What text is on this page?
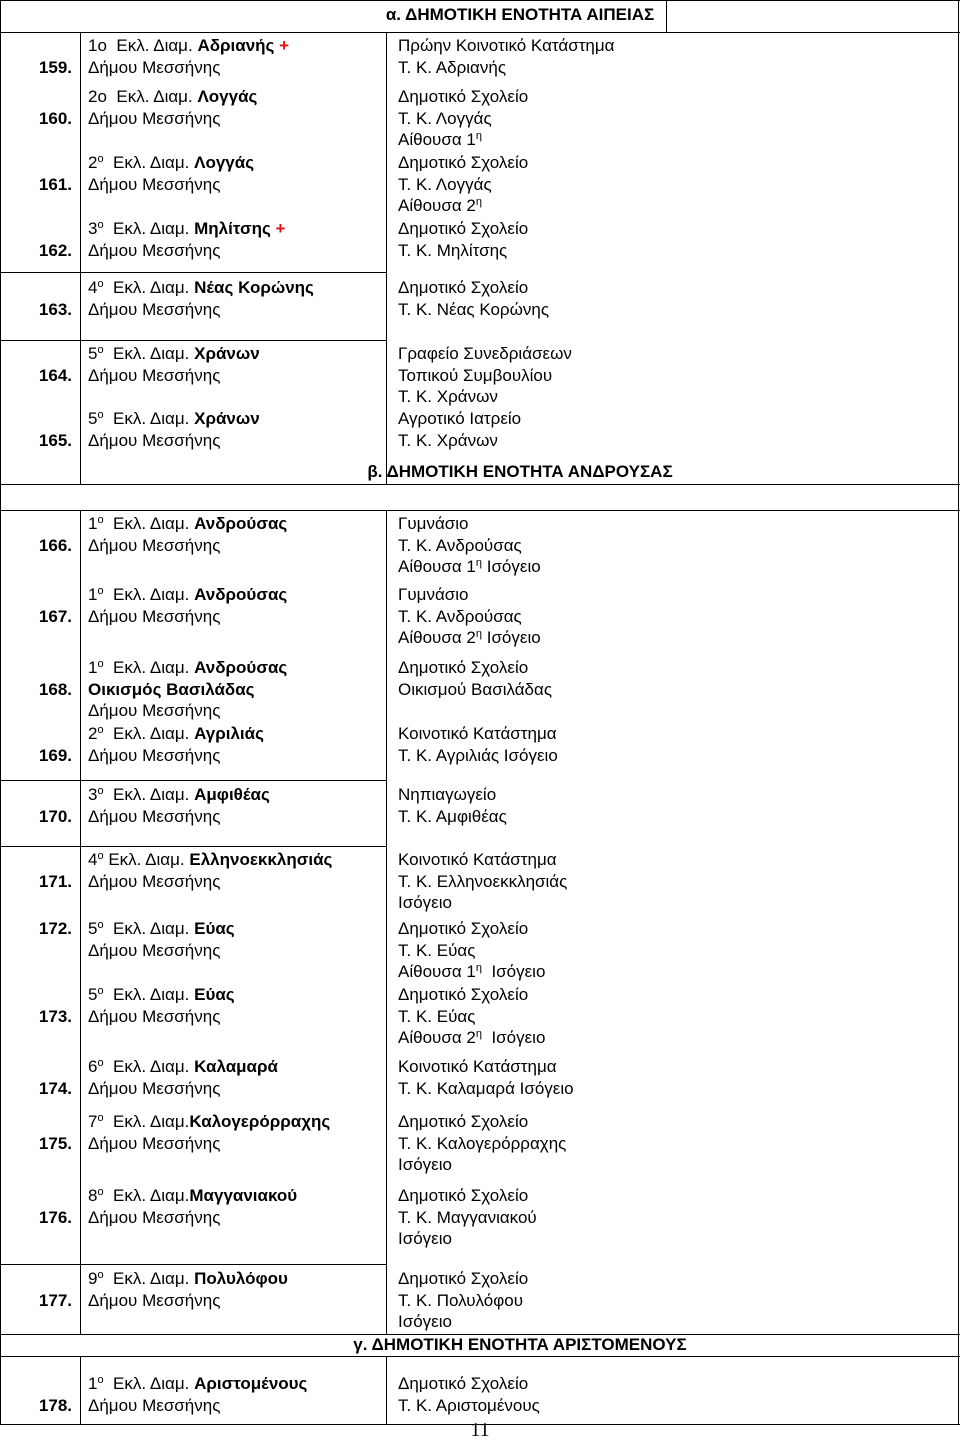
α. ΔΗΜΟΤΙΚΗ ΕΝΟΤΗΤΑ ΑΙΠΕΙΑΣ
β. ΔΗΜΟΤΙΚΗ ΕΝΟΤΗΤΑ ΑΝΔΡΟΥΣΑΣ
γ. ΔΗΜΟΤΙΚΗ ΕΝΟΤΗΤΑ ΑΡΙΣΤΟΜΕΝΟΥΣ
159.
1ο Εκλ. Διαμ. Αδριανής +
Δήμου Μεσσήνης
Πρώην Κοινοτικό Κατάστημα
Τ. Κ. Αδριανής
160.
2ο Εκλ. Διαμ. Λογγάς
Δήμου Μεσσήνης
Δημοτικό Σχολείο
Τ. Κ. Λογγάς
Αίθουσα $1^\eta$
161.
$2^o$ Εκλ. Διαμ. Λογγάς
Δήμου Μεσσήνης
Δημοτικό Σχολείο
Τ. Κ. Λογγάς
Αίθουσα $2^\eta$
162.
$3^o$ Εκλ. Διαμ. Μηλίτσης +
Δήμου Μεσσήνης
Δημοτικό Σχολείο
Τ. Κ. Μηλίτσης
163.
$4^o$ Εκλ. Διαμ. Νέας Κορώνης
Δήμου Μεσσήνης
Δημοτικό Σχολείο
Τ. Κ. Νέας Κορώνης
164.
$5^o$ Εκλ. Διαμ. Χράνων
Δήμου Μεσσήνης
Γραφείο Συνεδριάσεων
Τοπικού Συμβουλίου
Τ. Κ. Χράνων
165.
$5^o$ Εκλ. Διαμ. Χράνων
Δήμου Μεσσήνης
Αγροτικό Ιατρείο
Τ. Κ. Χράνων
166.
$1^o$ Εκλ. Διαμ. Ανδρούσας
Δήμου Μεσσήνης
Γυμνάσιο
Τ. Κ. Ανδρούσας
Αίθουσα $1^\eta$ Ισόγειο
167.
$1^o$ Εκλ. Διαμ. Ανδρούσας
Δήμου Μεσσήνης
Γυμνάσιο
Τ. Κ. Ανδρούσας
Αίθουσα $2^\eta$ Ισόγειο
168.
$1^o$ Εκλ. Διαμ. Ανδρούσας
Οικισμός Βασιλάδας
Δήμου Μεσσήνης
Δημοτικό Σχολείο
Οικισμού Βασιλάδας
169.
$2^o$ Εκλ. Διαμ. Αγριλιάς
Δήμου Μεσσήνης
Κοινοτικό Κατάστημα
Τ. Κ. Αγριλιάς Ισόγειο
170.
$3^o$ Εκλ. Διαμ. Αμφιθέας
Δήμου Μεσσήνης
Νηπιαγωγείο
Τ. Κ. Αμφιθέας
171.
$4^o$ Εκλ. Διαμ. Ελληνοεκκλησιάς
Δήμου Μεσσήνης
Κοινοτικό Κατάστημα
Τ. Κ. Ελληνοεκκλησιάς
Ισόγειο
172. $5^o$ Εκλ. Διαμ. Εύας
Δήμου Μεσσήνης
Δημοτικό Σχολείο
Τ. Κ. Εύας
Αίθουσα $1^\eta$ Ισόγειο
173.
$5^o$ Εκλ. Διαμ. Εύας
Δήμου Μεσσήνης
Δημοτικό Σχολείο
Τ. Κ. Εύας
Αίθουσα $2^\eta$ Ισόγειο
174.
$6^o$ Εκλ. Διαμ. Καλαμαρά
Δήμου Μεσσήνης
Κοινοτικό Κατάστημα
Τ. Κ. Καλαμαρά Ισόγειο
175.
$7^o$ Εκλ. Διαμ.Καλογερόρραχης
Δήμου Μεσσήνης
Δημοτικό Σχολείο
Τ. Κ. Καλογερόρραχης
Ισόγειο
176.
$8^o$ Εκλ. Διαμ.Μαγγανιακού
Δήμου Μεσσήνης
Δημοτικό Σχολείο
Τ. Κ. Μαγγανιακού
Ισόγειο
177.
$9^o$ Εκλ. Διαμ. Πολυλόφου
Δήμου Μεσσήνης
Δημοτικό Σχολείο
Τ. Κ. Πολυλόφου
Ισόγειο
178.
$1^o$ Εκλ. Διαμ. Αριστομένους
Δήμου Μεσσήνης
Δημοτικό Σχολείο
Τ. Κ. Αριστομένους
11
